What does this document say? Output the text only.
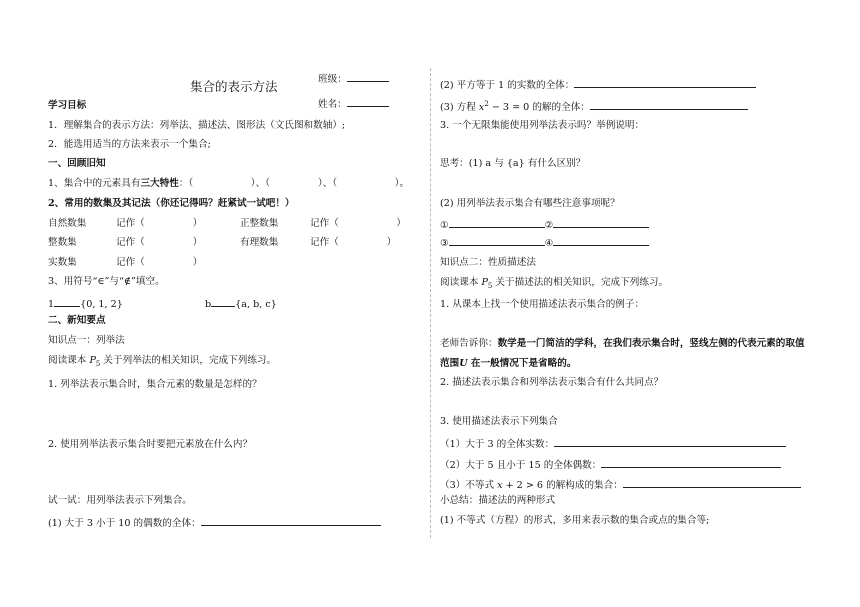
集合的表示方法	班级：
姓名：
学习目标
1．理解集合的表示方法：列举法、描述法、图形法（文氏图和数轴）;
2．能选用适当的方法来表示一个集合;
一、回顾旧知
1、集合中的元素具有三大特性：（　　　　　　）、（　　　　　）、（　　　　　　）。
2、常用的数集及其记法（你还记得吗？赶紧试一试吧！）
自然数集	记作（　　　　　）	正整数集	记作（　　　　　　）
整数集	记作（　　　　　）	有理数集	记作（　　　　　）
实数集	记作（　　　　　）
3、用符号“∈”与“∉”填空。
1	{0, 1, 2}	b	{a, b, c}
二、新知要点
知识点一：列举法
阅读课本 $P_5$ 关于列举法的相关知识，完成下列练习。
1. 列举法表示集合时，集合元素的数量是怎样的？
2. 使用列举法表示集合时要把元素放在什么内？
试一试：用列举法表示下列集合。
(1) 大于 3 小于 10 的偶数的全体：
(2) 平方等于 1 的实数的全体：
(3) 方程 $x^2 - 3 = 0$ 的解的全体：
3. 一个无限集能使用列举法表示吗？举例说明：
思考：(1) a 与 {a} 有什么区别？
(2) 用列举法表示集合有哪些注意事项呢？
①	②
③	④
知识点二：性质描述法
阅读课本 $P_5$ 关于描述法的相关知识，完成下列练习。
1. 从课本上找一个使用描述法表示集合的例子：
老师告诉你：数学是一门简洁的学科，在我们表示集合时，竖线左侧的代表元素的取值
范围U 在一般情况下是省略的。
2. 描述法表示集合和列举法表示集合有什么共同点？
3. 使用描述法表示下列集合
（1）大于 3 的全体实数：
（2）大于 5 且小于 15 的全体偶数：
（3）不等式 x + 2 > 6 的解构成的集合：
小总结：描述法的两种形式
(1) 不等式（方程）的形式，多用来表示数的集合或点的集合等;
